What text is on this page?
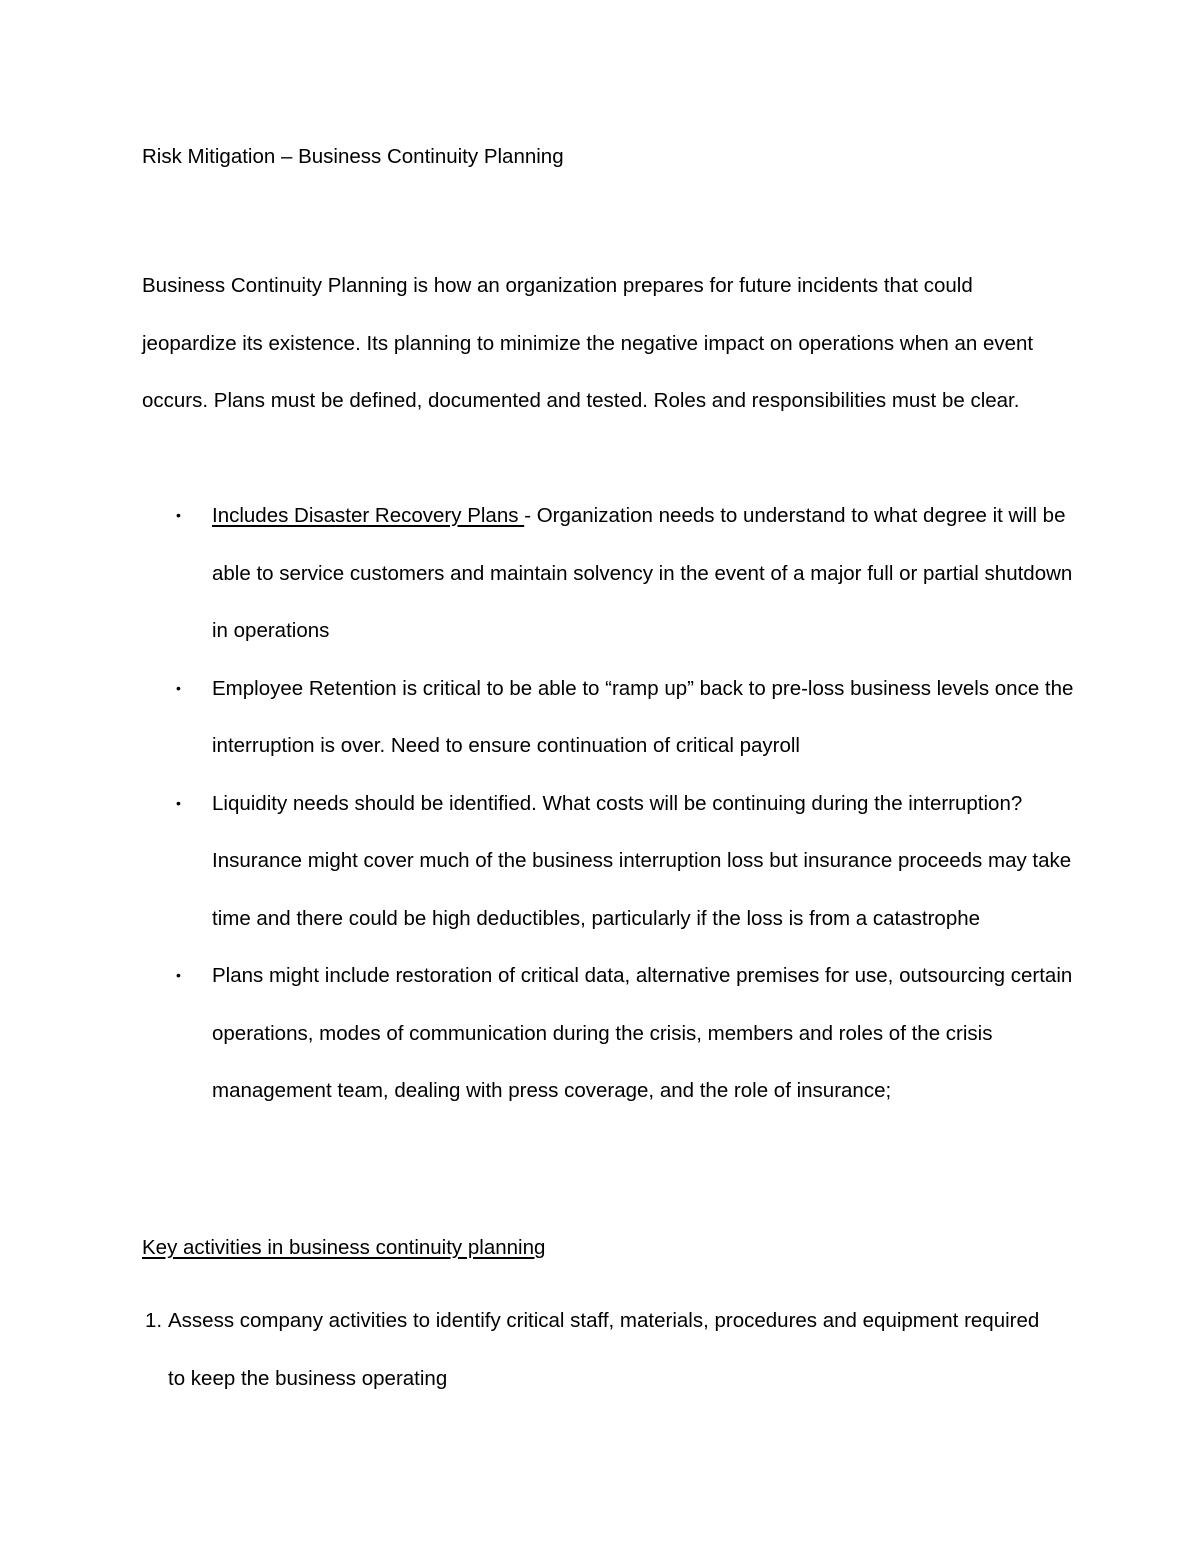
Risk Mitigation – Business Continuity Planning

Business Continuity Planning is how an organization prepares for future incidents that could jeopardize its existence. Its planning to minimize the negative impact on operations when an event occurs. Plans must be defined, documented and tested. Roles and responsibilities must be clear.

• Includes Disaster Recovery Plans - Organization needs to understand to what degree it will be able to service customers and maintain solvency in the event of a major full or partial shutdown in operations
• Employee Retention is critical to be able to “ramp up” back to pre-loss business levels once the interruption is over. Need to ensure continuation of critical payroll
• Liquidity needs should be identified. What costs will be continuing during the interruption? Insurance might cover much of the business interruption loss but insurance proceeds may take time and there could be high deductibles, particularly if the loss is from a catastrophe
• Plans might include restoration of critical data, alternative premises for use, outsourcing certain operations, modes of communication during the crisis, members and roles of the crisis management team, dealing with press coverage, and the role of insurance;
Key activities in business continuity planning
1. Assess company activities to identify critical staff, materials, procedures and equipment required to keep the business operating
